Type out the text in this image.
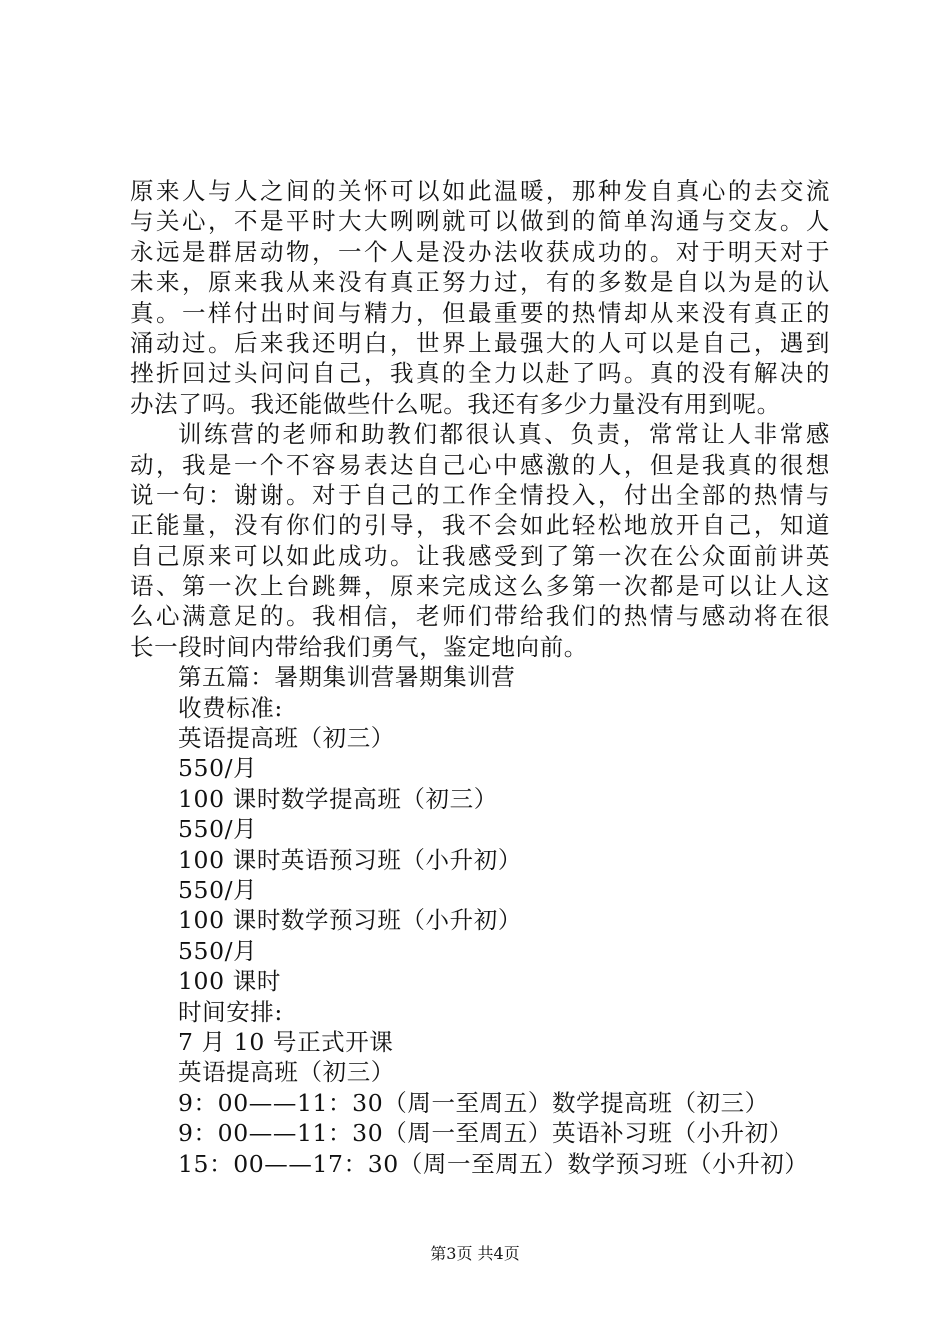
原来人与人之间的关怀可以如此温暖，那种发自真心的去交流
与关心，不是平时大大咧咧就可以做到的简单沟通与交友。人
永远是群居动物，一个人是没办法收获成功的。对于明天对于
未来，原来我从来没有真正努力过，有的多数是自以为是的认
真。一样付出时间与精力，但最重要的热情却从来没有真正的
涌动过。后来我还明白，世界上最强大的人可以是自己，遇到
挫折回过头问问自己，我真的全力以赴了吗。真的没有解决的
办法了吗。我还能做些什么呢。我还有多少力量没有用到呢。
训练营的老师和助教们都很认真、负责，常常让人非常感
动，我是一个不容易表达自己心中感激的人，但是我真的很想
说一句：谢谢。对于自己的工作全情投入，付出全部的热情与
正能量，没有你们的引导，我不会如此轻松地放开自己，知道
自己原来可以如此成功。让我感受到了第一次在公众面前讲英
语、第一次上台跳舞，原来完成这么多第一次都是可以让人这
么心满意足的。我相信，老师们带给我们的热情与感动将在很
长一段时间内带给我们勇气，鉴定地向前。
第五篇：暑期集训营暑期集训营
收费标准:
英语提高班（初三）
550/月
100 课时数学提高班（初三）
550/月
100 课时英语预习班（小升初）
550/月
100 课时数学预习班（小升初）
550/月
100 课时
时间安排:
7 月 10 号正式开课
英语提高班（初三）
9：00——11：30（周一至周五）数学提高班（初三）
9：00——11：30（周一至周五）英语补习班（小升初）
15：00——17：30（周一至周五）数学预习班（小升初）
第3页 共4页
